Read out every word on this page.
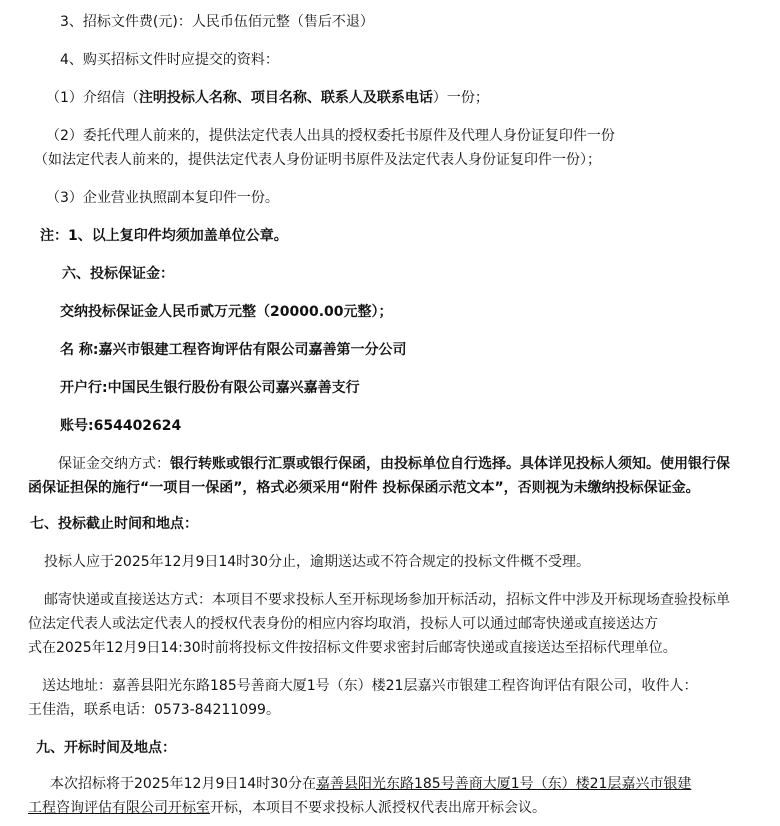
3、招标文件费(元)：人民币伍佰元整（售后不退）
4、购买招标文件时应提交的资料：
（1）介绍信（注明投标人名称、项目名称、联系人及联系电话）一份；
（2）委托代理人前来的，提供法定代表人出具的授权委托书原件及代理人身份证复印件一份
（如法定代表人前来的，提供法定代表人身份证明书原件及法定代表人身份证复印件一份）；
（3）企业营业执照副本复印件一份。
注：1、以上复印件均须加盖单位公章。
六、投标保证金：
交纳投标保证金人民币贰万元整（20000.00元整）；
名 称:嘉兴市银建工程咨询评估有限公司嘉善第一分公司
开户行:中国民生银行股份有限公司嘉兴嘉善支行
账号:654402624
保证金交纳方式：银行转账或银行汇票或银行保函，由投标单位自行选择。具体详见投标人须知。使用银行保
函保证担保的施行“一项目一保函”，格式必须采用“附件 投标保函示范文本”，否则视为未缴纳投标保证金。
七、投标截止时间和地点：
投标人应于2025年12月9日14时30分止，逾期送达或不符合规定的投标文件概不受理。
邮寄快递或直接送达方式：本项目不要求投标人至开标现场参加开标活动，招标文件中涉及开标现场查验投标单
位法定代表人或法定代表人的授权代表身份的相应内容均取消，投标人可以通过邮寄快递或直接送达方
式在2025年12月9日14:30时前将投标文件按招标文件要求密封后邮寄快递或直接送达至招标代理单位。
送达地址：嘉善县阳光东路185号善商大厦1号（东）楼21层嘉兴市银建工程咨询评估有限公司，收件人：
王佳浩，联系电话：0573-84211099。
九、开标时间及地点：
本次招标将于2025年12月9日14时30分在嘉善县阳光东路185号善商大厦1号（东）楼21层嘉兴市银建
工程咨询评估有限公司开标室开标，本项目不要求投标人派授权代表出席开标会议。
